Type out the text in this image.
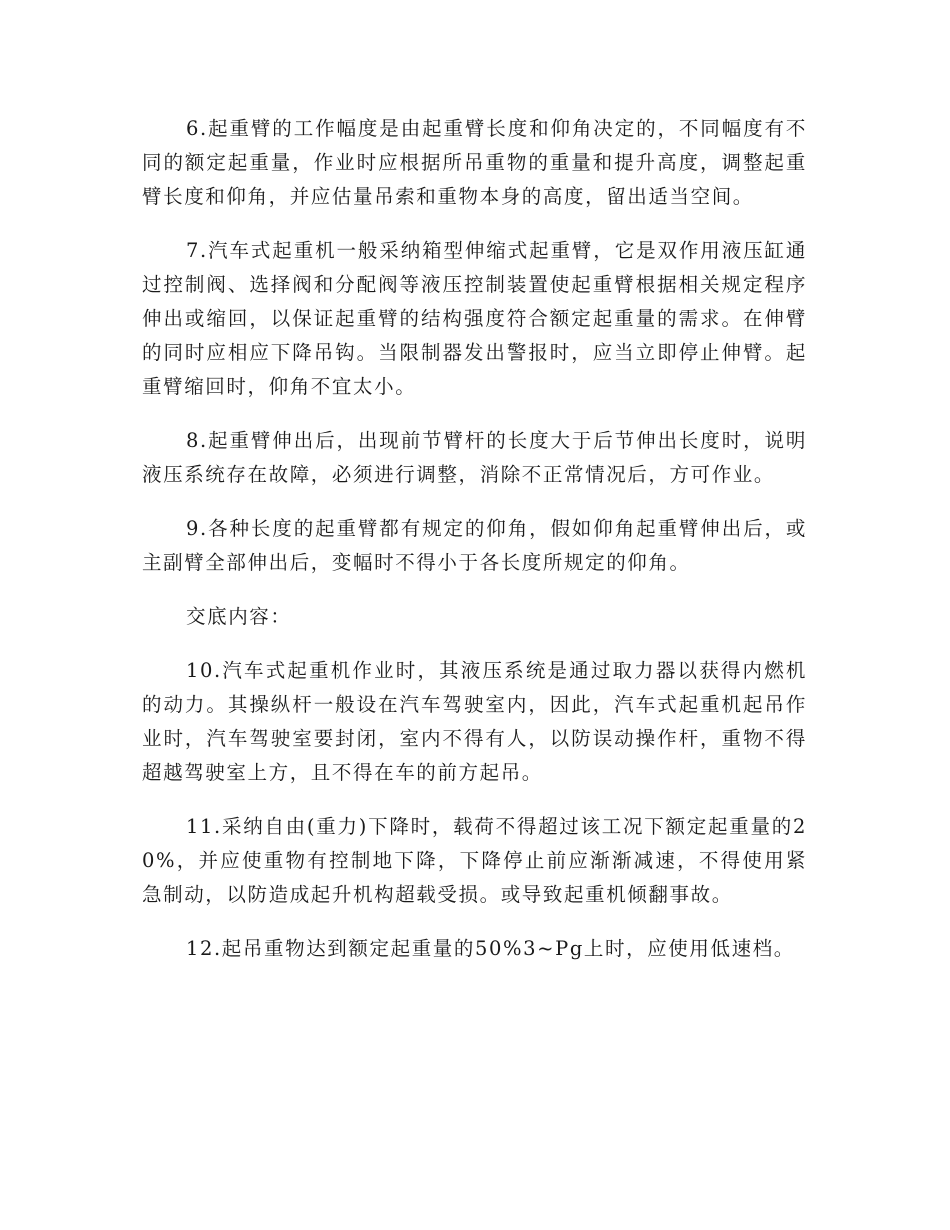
6.起重臂的工作幅度是由起重臂长度和仰角决定的，不同幅度有不同的额定起重量，作业时应根据所吊重物的重量和提升高度，调整起重臂长度和仰角，并应估量吊索和重物本身的高度，留出适当空间。

7.汽车式起重机一般采纳箱型伸缩式起重臂，它是双作用液压缸通过控制阀、选择阀和分配阀等液压控制装置使起重臂根据相关规定程序伸出或缩回，以保证起重臂的结构强度符合额定起重量的需求。在伸臂的同时应相应下降吊钩。当限制器发出警报时，应当立即停止伸臂。起重臂缩回时，仰角不宜太小。

8.起重臂伸出后，出现前节臂杆的长度大于后节伸出长度时，说明液压系统存在故障，必须进行调整，消除不正常情况后，方可作业。

9.各种长度的起重臂都有规定的仰角，假如仰角起重臂伸出后，或主副臂全部伸出后，变幅时不得小于各长度所规定的仰角。

交底内容：

10.汽车式起重机作业时，其液压系统是通过取力器以获得内燃机的动力。其操纵杆一般设在汽车驾驶室内，因此，汽车式起重机起吊作业时，汽车驾驶室要封闭，室内不得有人，以防误动操作杆，重物不得超越驾驶室上方，且不得在车的前方起吊。

11.采纳自由(重力)下降时，载荷不得超过该工况下额定起重量的20%，并应使重物有控制地下降，下降停止前应渐渐减速，不得使用紧急制动，以防造成起升机构超载受损。或导致起重机倾翻事故。

12.起吊重物达到额定起重量的50%3~Pg上时，应使用低速档。
